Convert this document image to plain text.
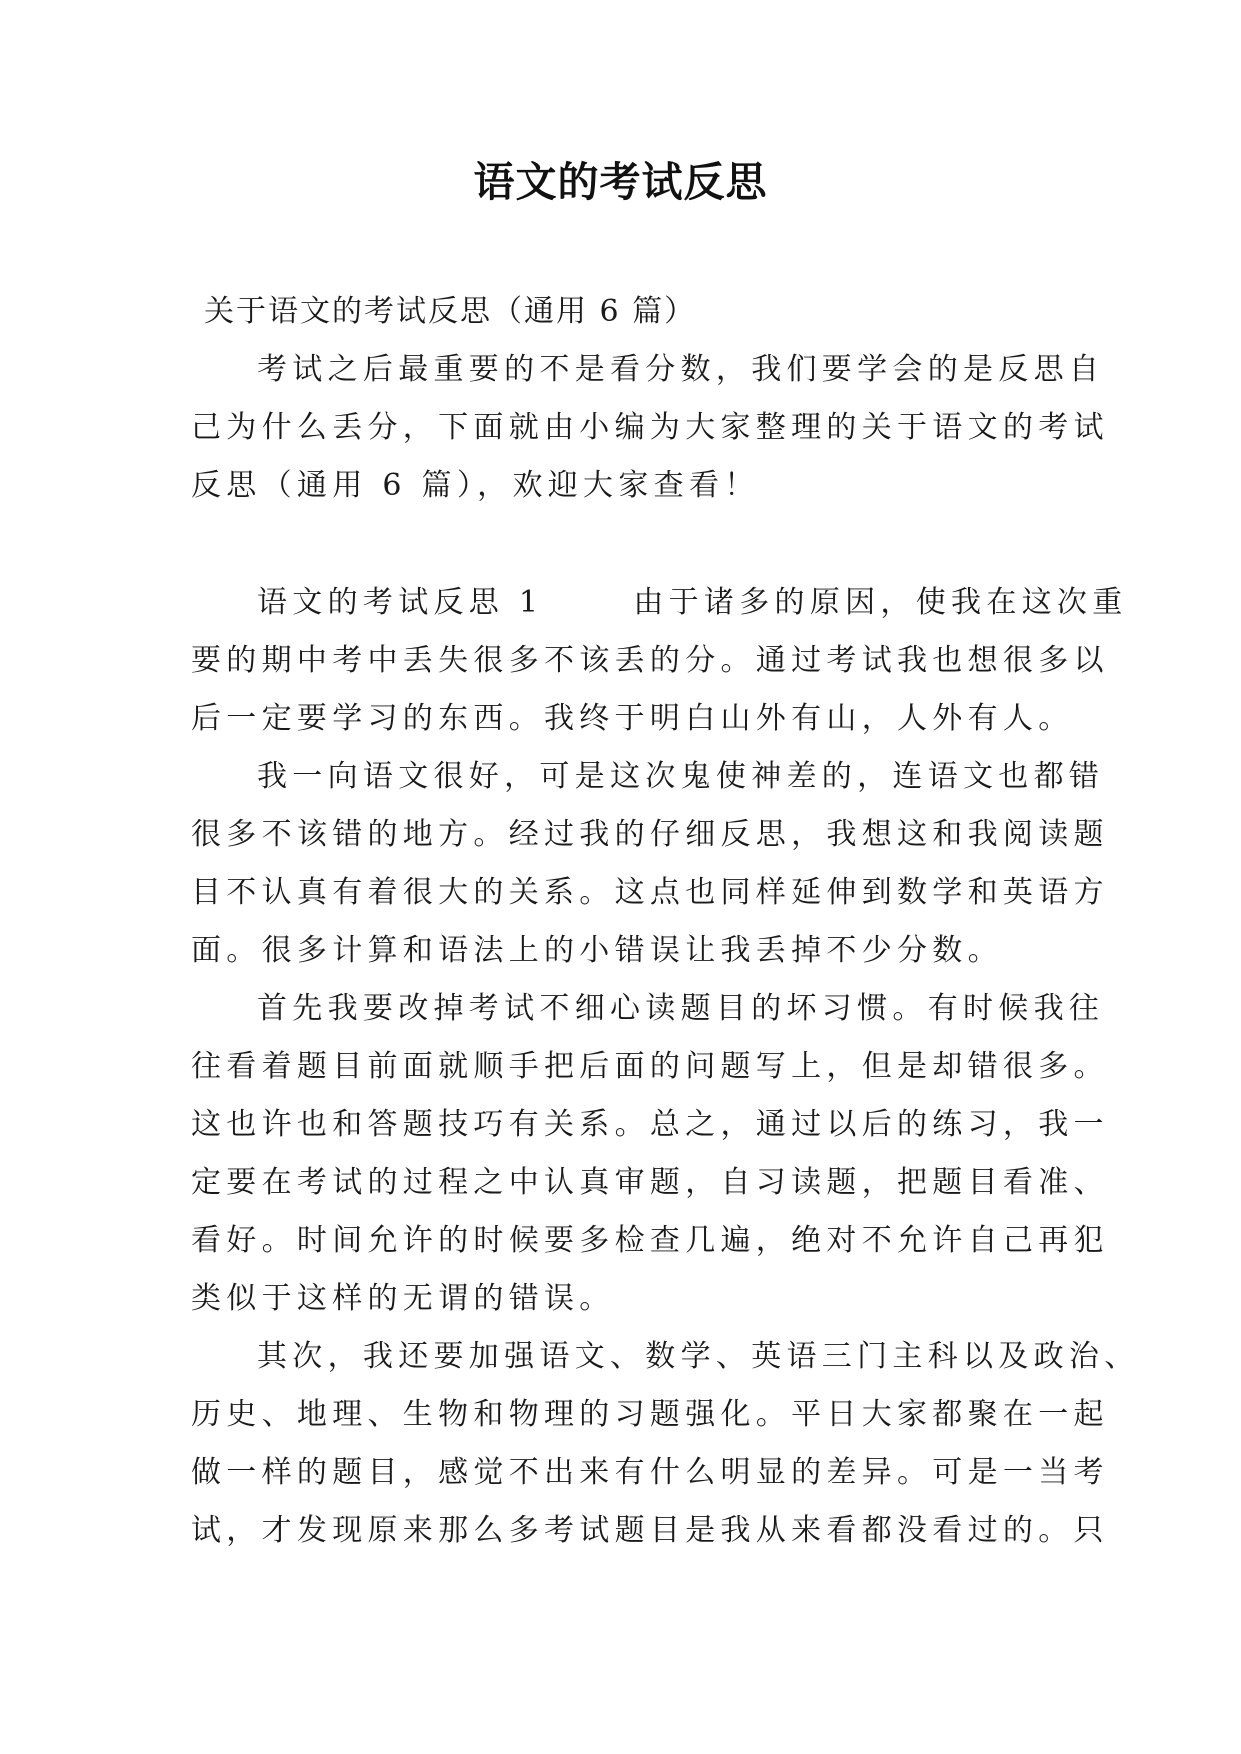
语文的考试反思
关于语文的考试反思（通用 6 篇）
考试之后最重要的不是看分数，我们要学会的是反思自
己为什么丢分，下面就由小编为大家整理的关于语文的考试
反思（通用 6 篇），欢迎大家查看！
语文的考试反思 1	由于诸多的原因，使我在这次重
要的期中考中丢失很多不该丢的分。通过考试我也想很多以
后一定要学习的东西。我终于明白山外有山，人外有人。
我一向语文很好，可是这次鬼使神差的，连语文也都错
很多不该错的地方。经过我的仔细反思，我想这和我阅读题
目不认真有着很大的关系。这点也同样延伸到数学和英语方
面。很多计算和语法上的小错误让我丢掉不少分数。
首先我要改掉考试不细心读题目的坏习惯。有时候我往
往看着题目前面就顺手把后面的问题写上，但是却错很多。
这也许也和答题技巧有关系。总之，通过以后的练习，我一
定要在考试的过程之中认真审题，自习读题，把题目看准、
看好。时间允许的时候要多检查几遍，绝对不允许自己再犯
类似于这样的无谓的错误。
其次，我还要加强语文、数学、英语三门主科以及政治、
历史、地理、生物和物理的习题强化。平日大家都聚在一起
做一样的题目，感觉不出来有什么明显的差异。可是一当考
试，才发现原来那么多考试题目是我从来看都没看过的。只
